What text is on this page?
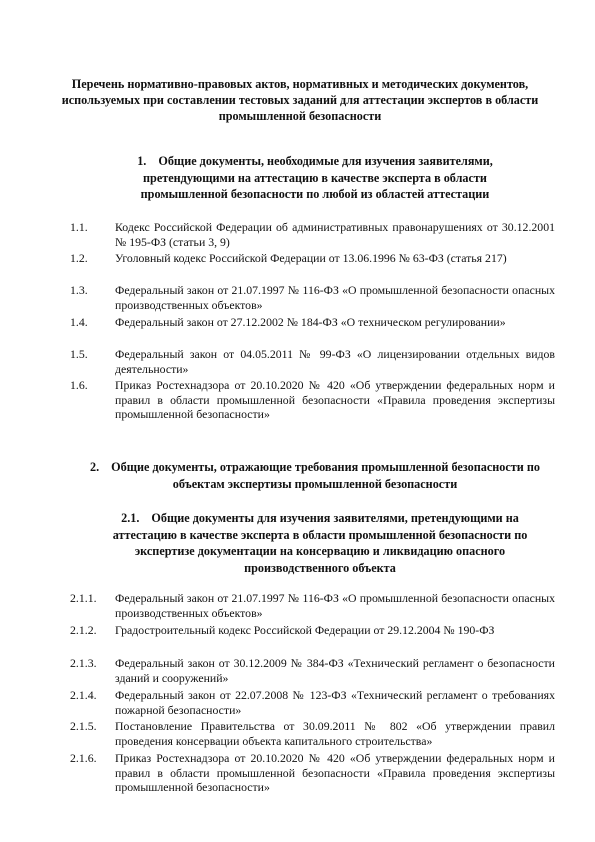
Перечень нормативно-правовых актов, нормативных и методических документов, используемых при составлении тестовых заданий для аттестации экспертов в области промышленной безопасности
1. Общие документы, необходимые для изучения заявителями, претендующими на аттестацию в качестве эксперта в области промышленной безопасности по любой из областей аттестации
1.1. Кодекс Российской Федерации об административных правонарушениях от 30.12.2001 № 195-ФЗ (статьи 3, 9)
1.2. Уголовный кодекс Российской Федерации от 13.06.1996 № 63-ФЗ (статья 217)
1.3. Федеральный закон от 21.07.1997 № 116-ФЗ «О промышленной безопасности опасных производственных объектов»
1.4. Федеральный закон от 27.12.2002 № 184-ФЗ «О техническом регулировании»
1.5. Федеральный закон от 04.05.2011 № 99-ФЗ «О лицензировании отдельных видов деятельности»
1.6. Приказ Ростехнадзора от 20.10.2020 № 420 «Об утверждении федеральных норм и правил в области промышленной безопасности «Правила проведения экспертизы промышленной безопасности»
2. Общие документы, отражающие требования промышленной безопасности по объектам экспертизы промышленной безопасности
2.1. Общие документы для изучения заявителями, претендующими на аттестацию в качестве эксперта в области промышленной безопасности по экспертизе документации на консервацию и ликвидацию опасного производственного объекта
2.1.1. Федеральный закон от 21.07.1997 № 116-ФЗ «О промышленной безопасности опасных производственных объектов»
2.1.2. Градостроительный кодекс Российской Федерации от 29.12.2004 № 190-ФЗ
2.1.3. Федеральный закон от 30.12.2009 № 384-ФЗ «Технический регламент о безопасности зданий и сооружений»
2.1.4. Федеральный закон от 22.07.2008 № 123-ФЗ «Технический регламент о требованиях пожарной безопасности»
2.1.5. Постановление Правительства от 30.09.2011 № 802 «Об утверждении правил проведения консервации объекта капитального строительства»
2.1.6. Приказ Ростехнадзора от 20.10.2020 № 420 «Об утверждении федеральных норм и правил в области промышленной безопасности «Правила проведения экспертизы промышленной безопасности»
